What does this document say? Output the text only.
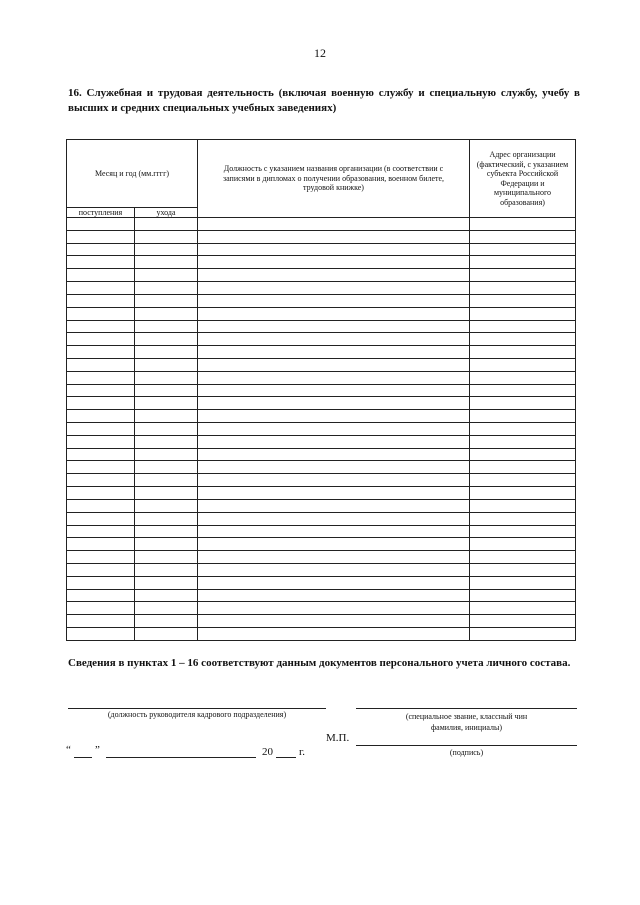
12
16. Служебная и трудовая деятельность (включая военную службу и специальную службу, учебу в высших и средних специальных учебных заведениях)
Месяц и год (мм.гггг)		Должность с указанием названия организации (в соответствии с записями в дипломах о получении образования, военном билете, трудовой книжке)	Адрес организации (фактический, с указанием субъекта Российской Федерации и муниципального образования)
поступления	ухода		

Сведения в пунктах 1 – 16 соответствуют данным документов персонального учета личного состава.
(должность руководителя кадрового подразделения)	(специальное звание, классный чин
фамилия, инициалы)
М.П.
(подпись)
“ ”	20 г.
